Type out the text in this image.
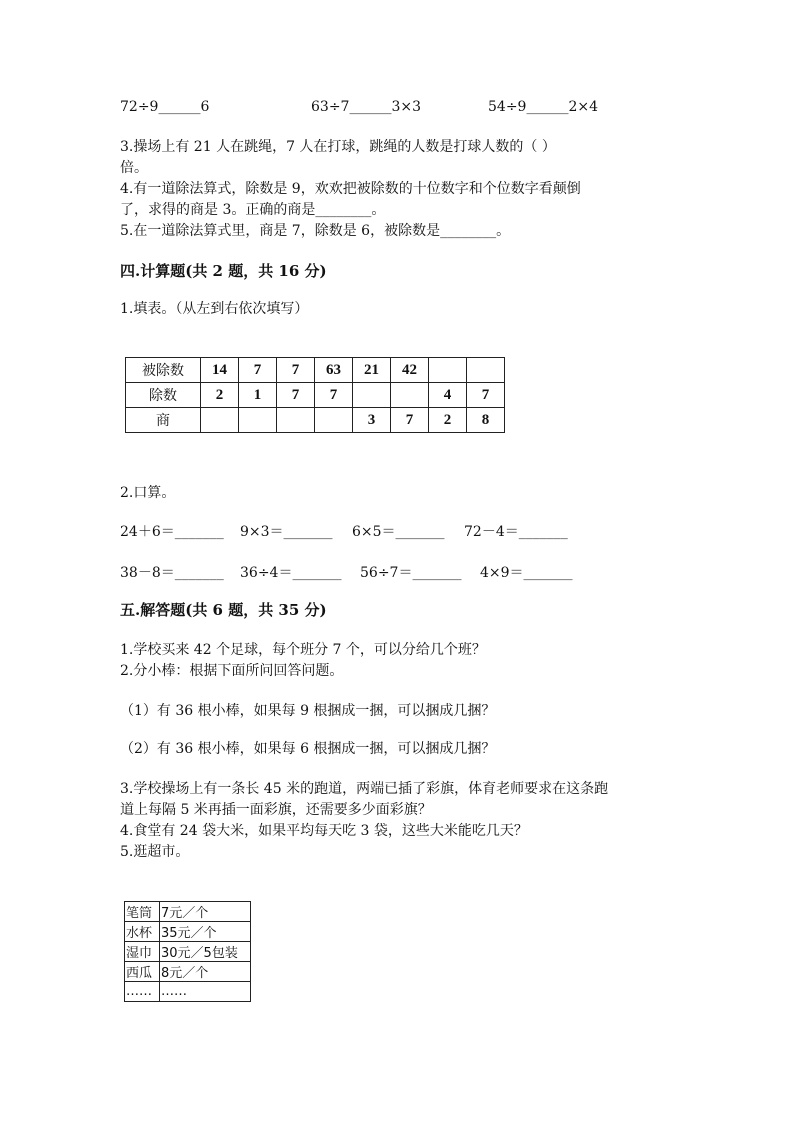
72÷9______6	63÷7______3×3	54÷9______2×4
3.操场上有 21 人在跳绳，7 人在打球，跳绳的人数是打球人数的（ ）
倍。
4.有一道除法算式，除数是 9，欢欢把被除数的十位数字和个位数字看颠倒
了，求得的商是 3。正确的商是________。
5.在一道除法算式里，商是 7，除数是 6，被除数是________。
四.计算题(共 2 题，共 16 分)
1.填表。（从左到右依次填写）
被除数	14	7	7	63	21	42		
除数	2	1	7	7			4	7
商					3	7	2	8
2.口算。
24＋6＝_______ 9×3＝_______ 6×5＝_______ 72－4＝_______
38－8＝_______ 36÷4＝_______ 56÷7＝_______ 4×9＝_______
五.解答题(共 6 题，共 35 分)
1.学校买来 42 个足球，每个班分 7 个，可以分给几个班？
2.分小棒：根据下面所问回答问题。
（1）有 36 根小棒，如果每 9 根捆成一捆，可以捆成几捆？
（2）有 36 根小棒，如果每 6 根捆成一捆，可以捆成几捆？
3.学校操场上有一条长 45 米的跑道，两端已插了彩旗，体育老师要求在这条跑
道上每隔 5 米再插一面彩旗，还需要多少面彩旗？
4.食堂有 24 袋大米，如果平均每天吃 3 袋，这些大米能吃几天？
5.逛超市。
笔筒	7元／个
水杯	35元／个
湿巾	30元／5包装
西瓜	8元／个
……	……
